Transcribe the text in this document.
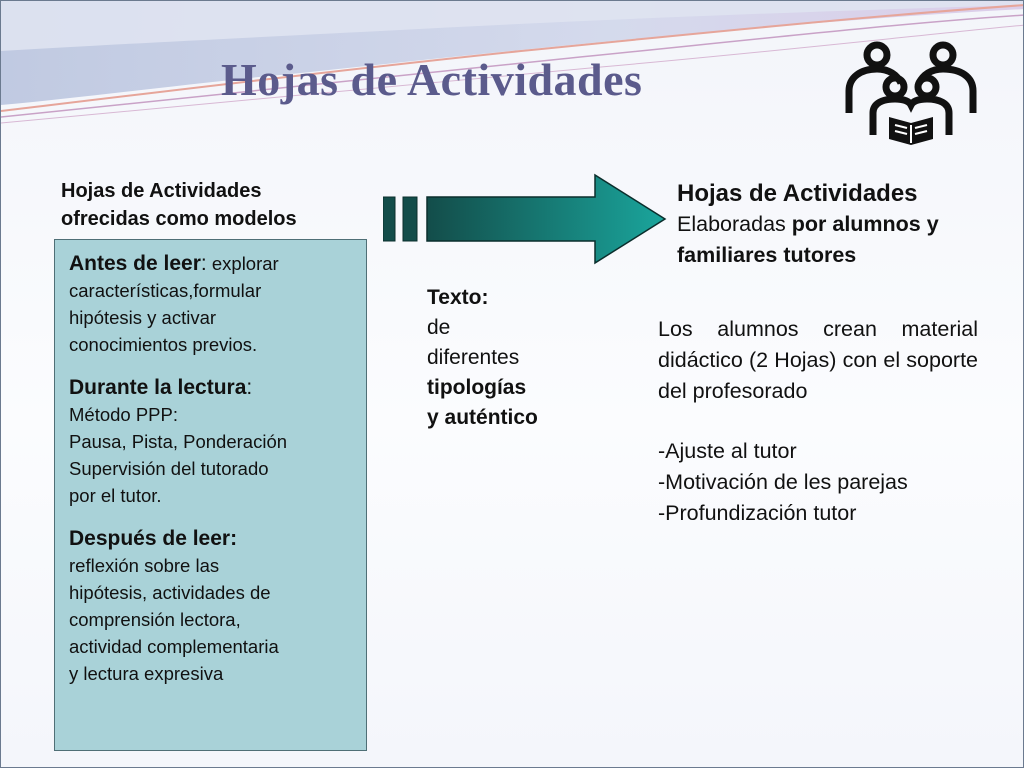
Hojas de Actividades
Hojas de Actividades
ofrecidas como modelos

Antes de leer: explorar
características,formular
hipótesis y activar
conocimientos previos.

Durante la lectura:
Método PPP:
Pausa, Pista, Ponderación
Supervisión del tutorado
por el tutor.

Después de leer:
reflexión sobre las
hipótesis, actividades de
comprensión lectora,
actividad complementaria
y lectura expresiva

Texto:

de

diferentes

tipologías

y auténtico

Hojas de Actividades
Elaboradas por alumnos y
familiares tutores
Los alumnos crean material didáctico (2 Hojas) con el soporte del profesorado
-Ajuste al tutor
-Motivación de les parejas
-Profundización tutor
